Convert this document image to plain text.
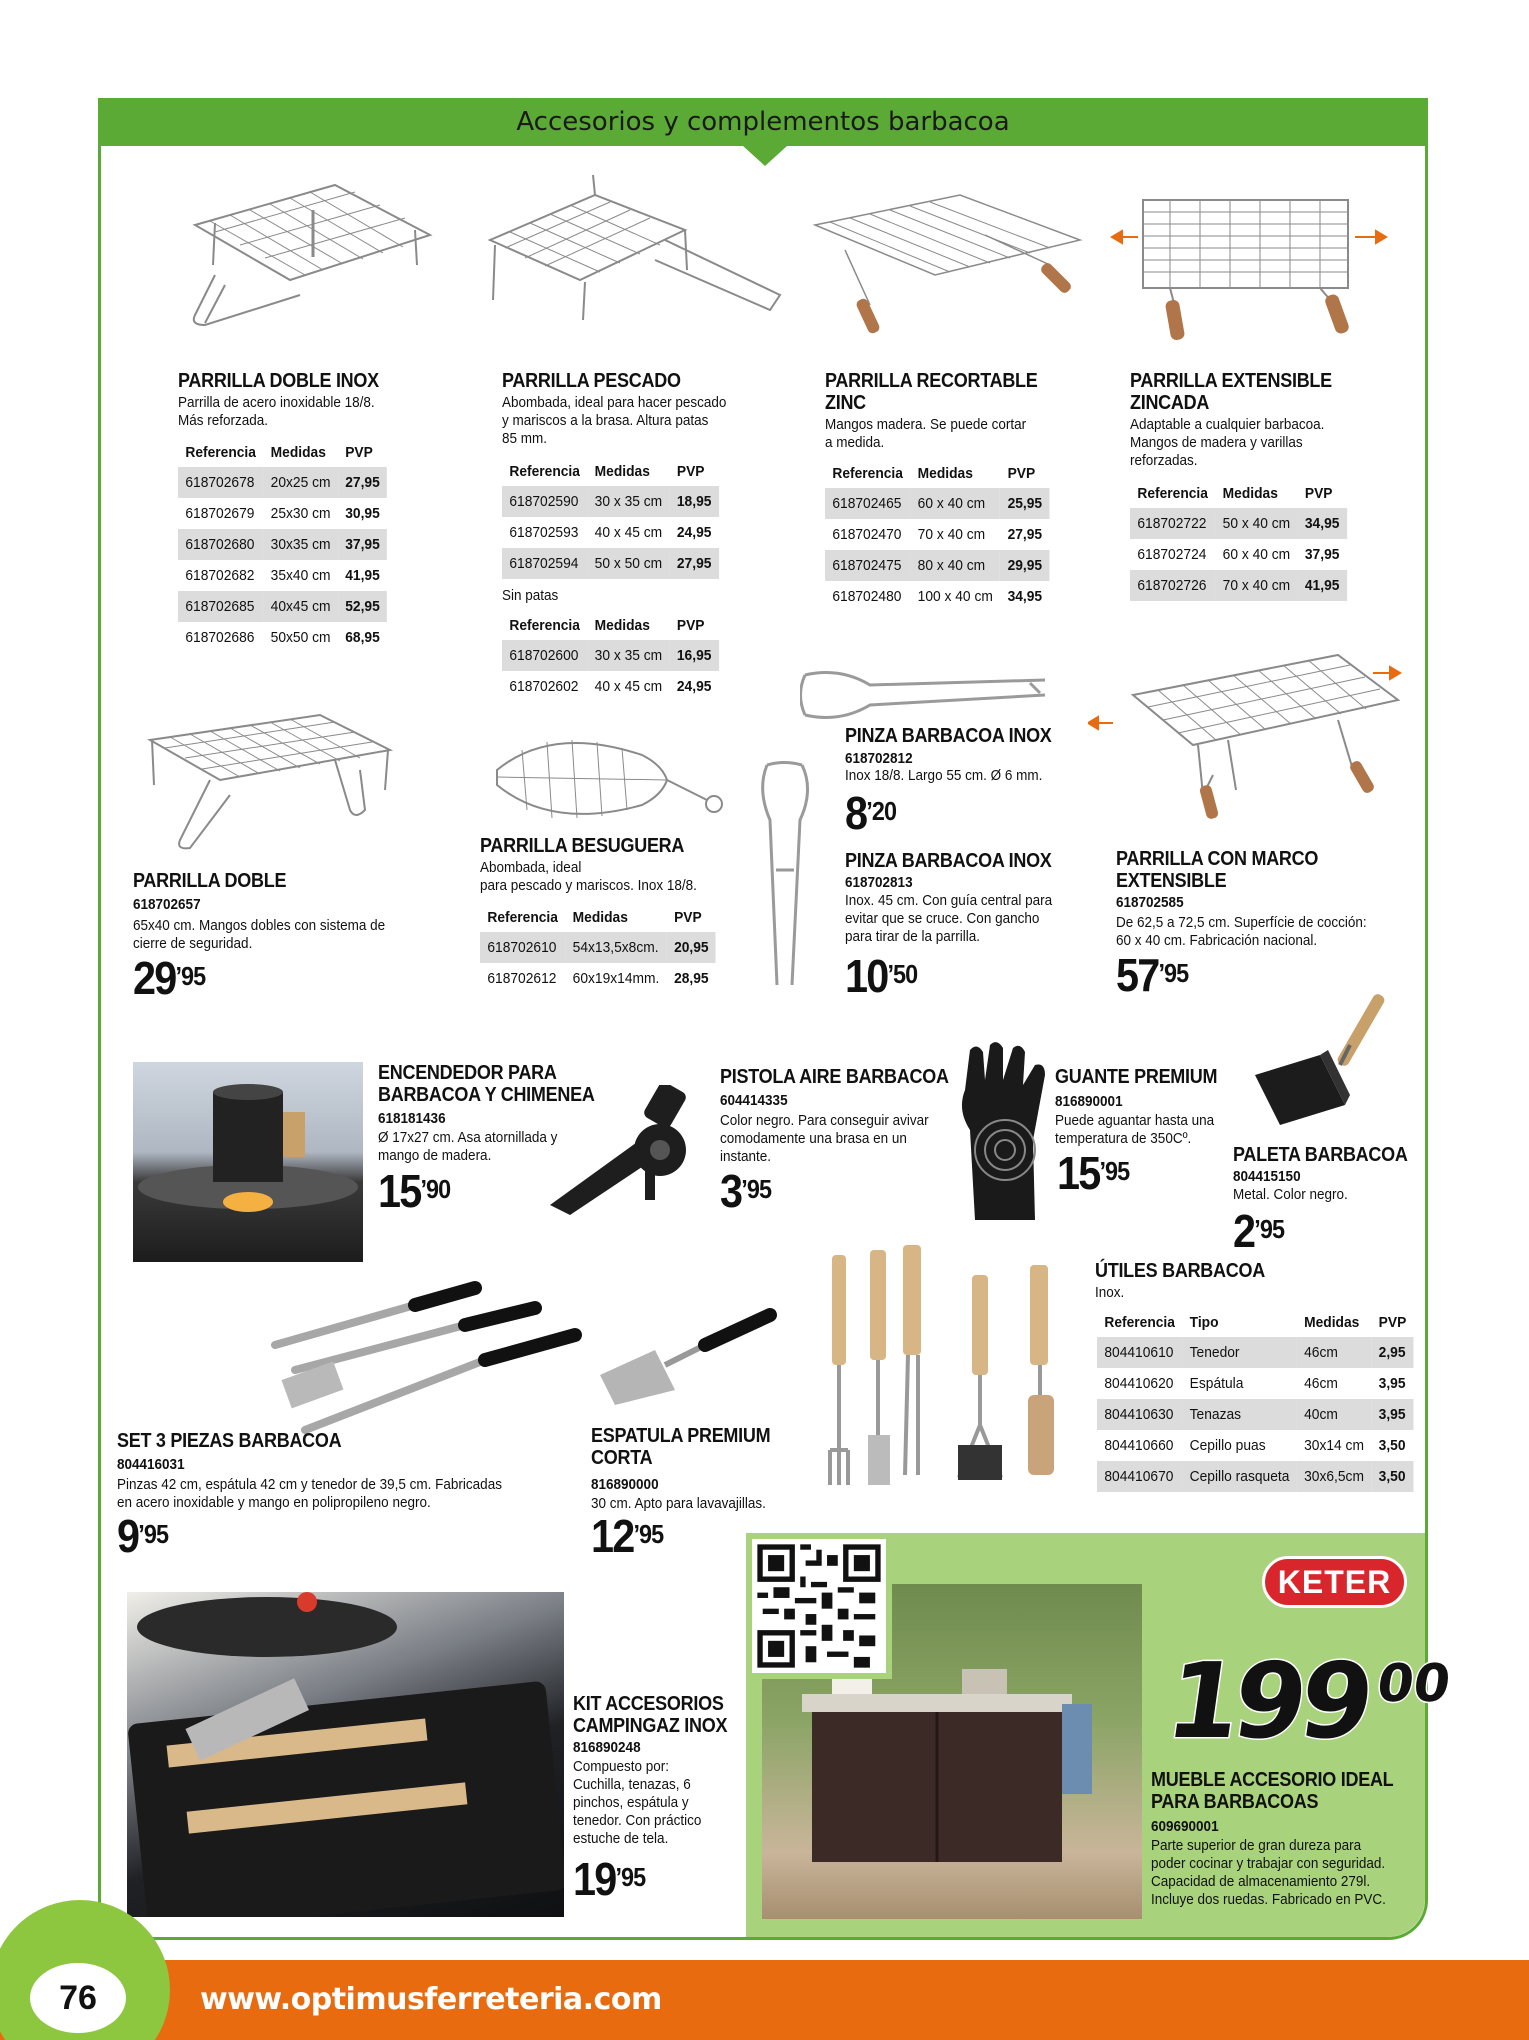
Accesorios y complementos barbacoa
PARRILLA DOBLE INOX
Parrilla de acero inoxidable 18/8.
Más reforzada.
Referencia	Medidas	PVP
618702678	20x25 cm	27,95
618702679	25x30 cm	30,95
618702680	30x35 cm	37,95
618702682	35x40 cm	41,95
618702685	40x45 cm	52,95
618702686	50x50 cm	68,95
PARRILLA PESCADO
Abombada, ideal para hacer pescado
y mariscos a la brasa. Altura patas
85 mm.
Referencia	Medidas	PVP
618702590	30 x 35 cm	18,95
618702593	40 x 45 cm	24,95
618702594	50 x 50 cm	27,95
Sin patas
Referencia	Medidas	PVP
618702600	30 x 35 cm	16,95
618702602	40 x 45 cm	24,95
PARRILLA RECORTABLE
ZINC
Mangos madera. Se puede cortar
a medida.
Referencia	Medidas	PVP
618702465	60 x 40 cm	25,95
618702470	70 x 40 cm	27,95
618702475	80 x 40 cm	29,95
618702480	100 x 40 cm	34,95
PARRILLA EXTENSIBLE
ZINCADA
Adaptable a cualquier barbacoa.
Mangos de madera y varillas
reforzadas.
Referencia	Medidas	PVP
618702722	50 x 40 cm	34,95
618702724	60 x 40 cm	37,95
618702726	70 x 40 cm	41,95
PARRILLA DOBLE
618702657
65x40 cm. Mangos dobles con sistema de
cierre de seguridad.
$29^{’95}$
PARRILLA BESUGUERA
Abombada, ideal
para pescado y mariscos. Inox 18/8.
Referencia	Medidas	PVP
618702610	54x13,5x8cm.	20,95
618702612	60x19x14mm.	28,95
PINZA BARBACOA INOX
618702812
Inox 18/8. Largo 55 cm. Ø 6 mm.
$8^{’20}$
PINZA BARBACOA INOX
618702813
Inox. 45 cm. Con guía central para
evitar que se cruce. Con gancho
para tirar de la parrilla.
$10^{’50}$
PARRILLA CON MARCO
EXTENSIBLE
618702585
De 62,5 a 72,5 cm. Superfície de cocción:
60 x 40 cm. Fabricación nacional.
$57^{’95}$
ENCENDEDOR PARA
BARBACOA Y CHIMENEA
618181436
Ø 17x27 cm. Asa atornillada y
mango de madera.
$15^{’90}$
PISTOLA AIRE BARBACOA
604414335
Color negro. Para conseguir avivar
comodamente una brasa en un
instante.
$3^{’95}$
GUANTE PREMIUM
816890001
Puede aguantar hasta una
temperatura de 350Cº.
$15^{’95}$
PALETA BARBACOA
804415150
Metal. Color negro.
$2^{’95}$
SET 3 PIEZAS BARBACOA
804416031
Pinzas 42 cm, espátula 42 cm y tenedor de 39,5 cm. Fabricadas
en acero inoxidable y mango en polipropileno negro.
$9^{’95}$
ESPATULA PREMIUM
CORTA
816890000
30 cm. Apto para lavavajillas.
$12^{’95}$
ÚTILES BARBACOA
Inox.
Referencia	Tipo	Medidas	PVP
804410610	Tenedor	46cm	2,95
804410620	Espátula	46cm	3,95
804410630	Tenazas	40cm	3,95
804410660	Cepillo puas	30x14 cm	3,50
804410670	Cepillo rasqueta	30x6,5cm	3,50
KIT ACCESORIOS
CAMPINGAZ INOX
816890248
Compuesto por:
Cuchilla, tenazas, 6
pinchos, espátula y
tenedor. Con práctico
estuche de tela.
$19^{’95}$
KETER
19900
MUEBLE ACCESORIO IDEAL
PARA BARBACOAS
609690001
Parte superior de gran dureza para
poder cocinar y trabajar con seguridad.
Capacidad de almacenamiento 279l.
Incluye dos ruedas. Fabricado en PVC.
76	www.optimusferreteria.com
